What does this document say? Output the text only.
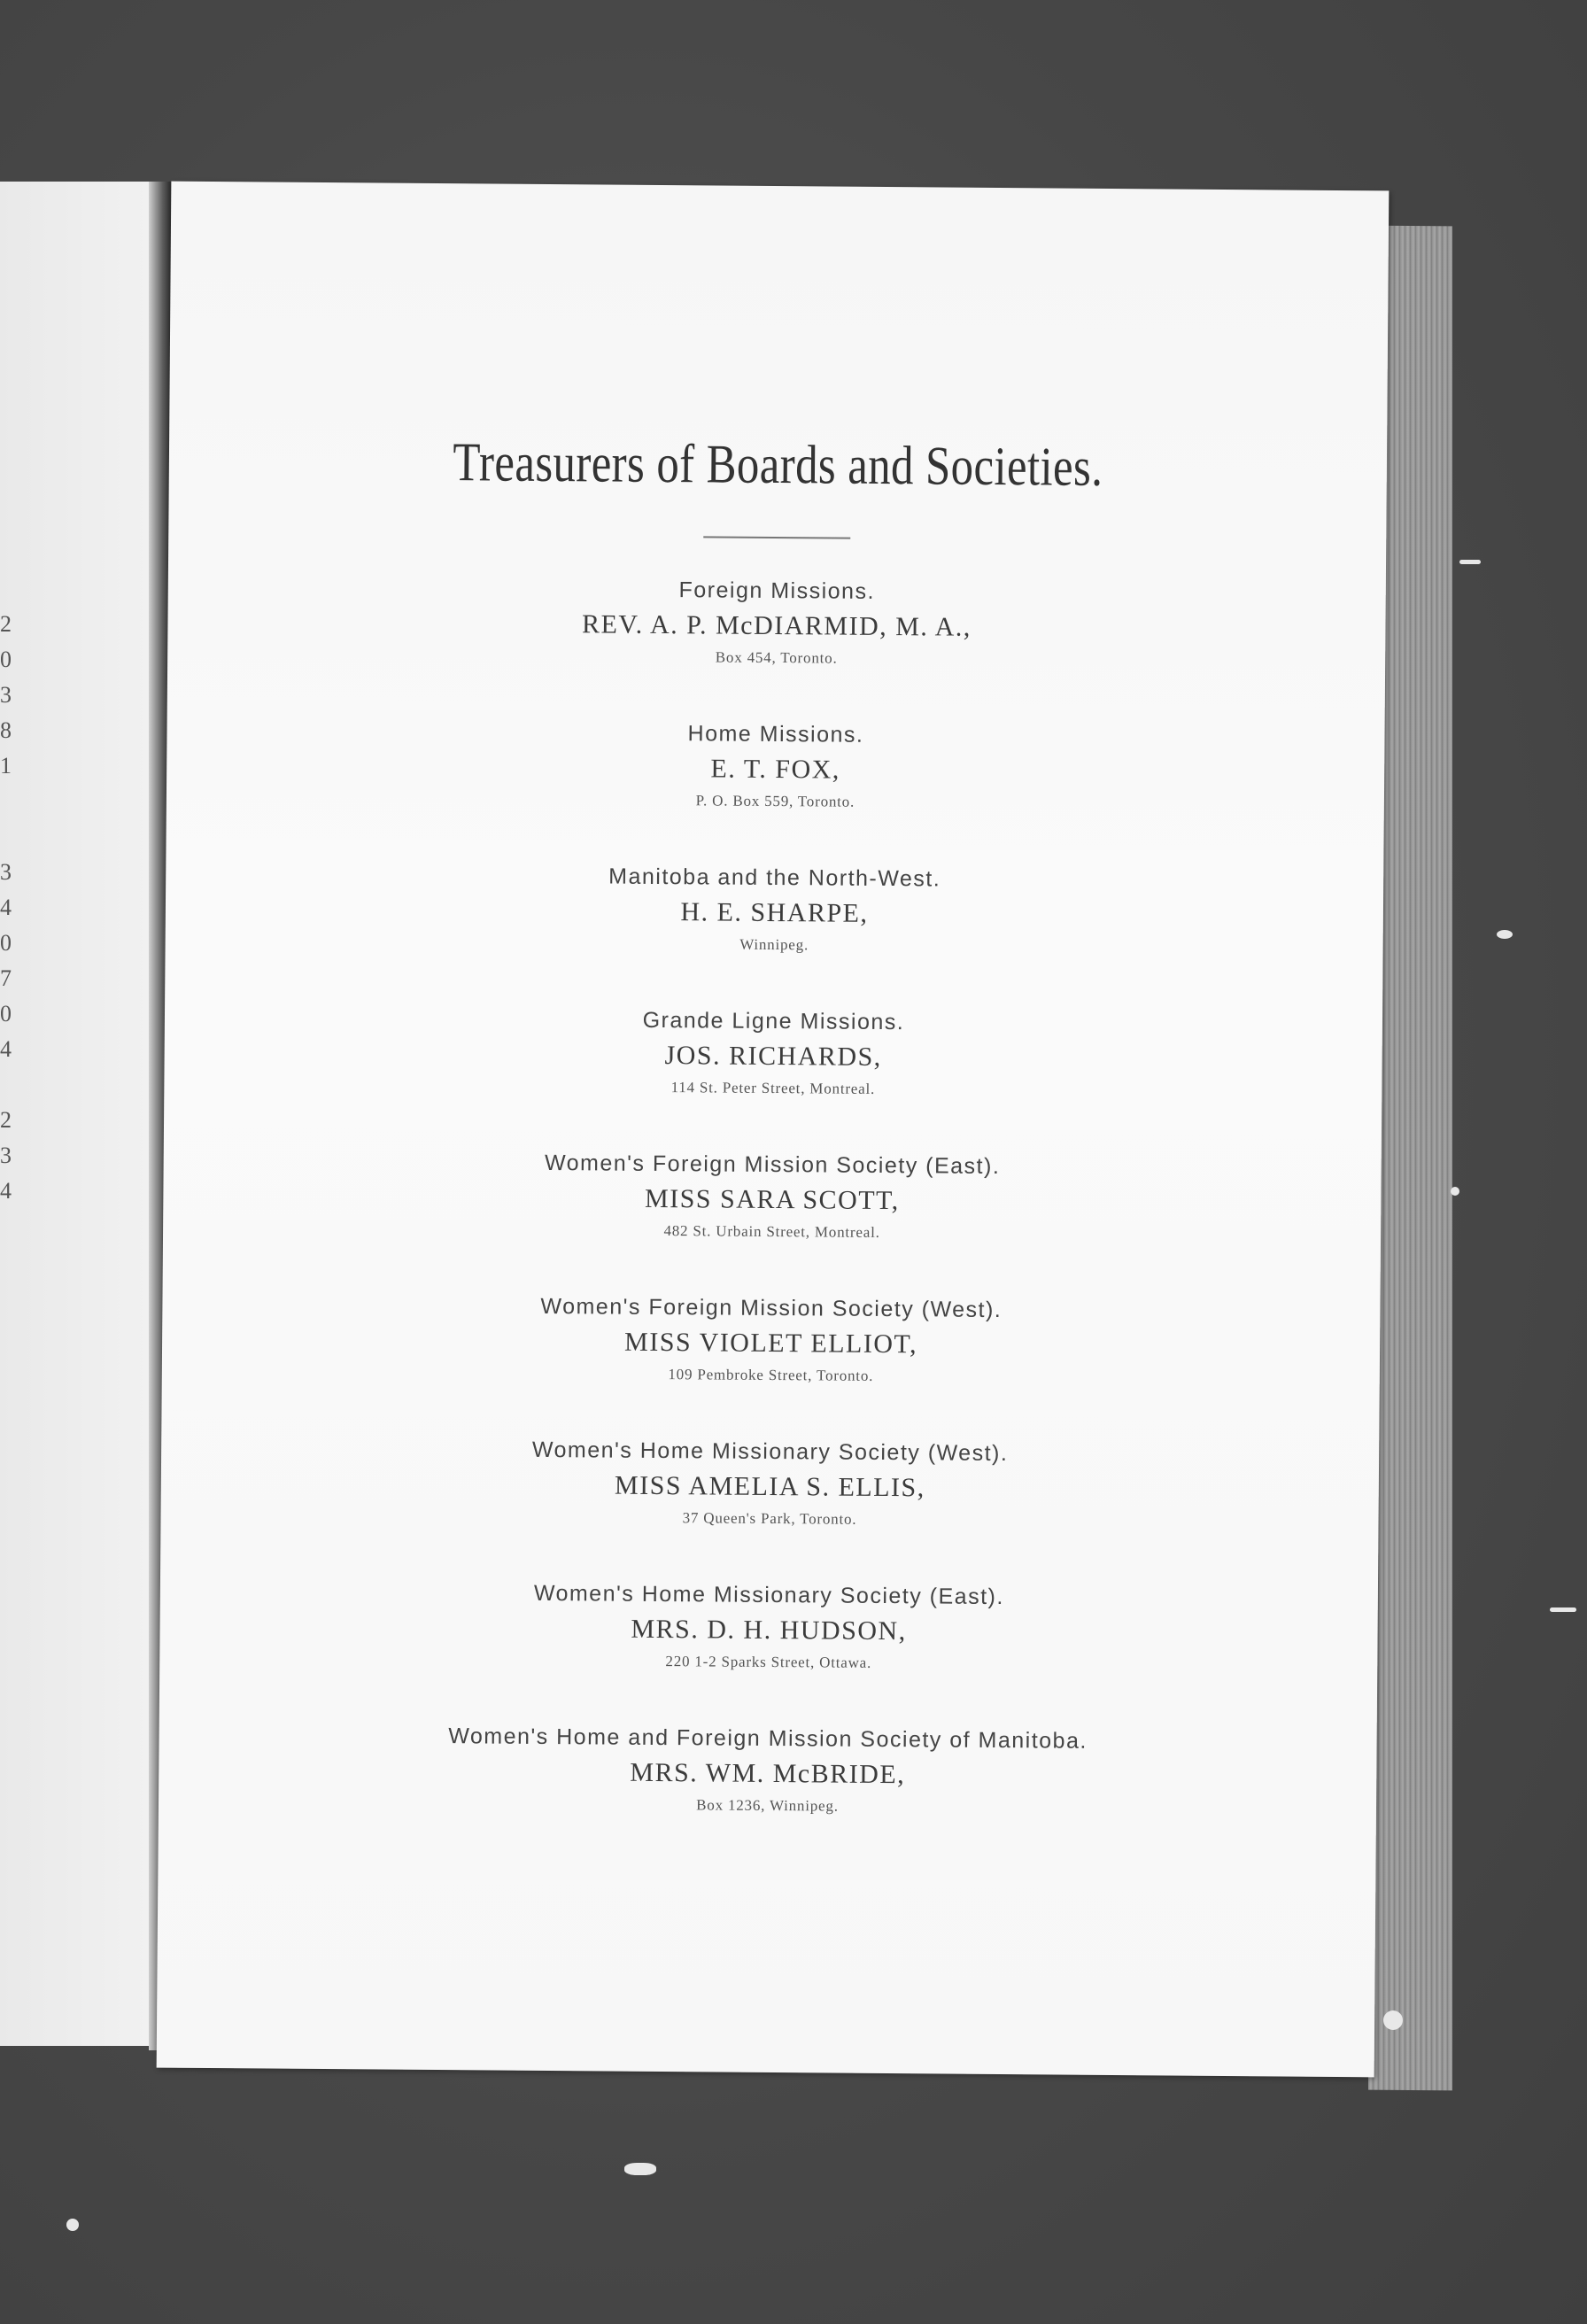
2
0
3
8
1

3
4
0
7
0
4

2
3
4
Treasurers of Boards and Societies.
Foreign Missions.
REV. A. P. McDIARMID, M. A.,
Box 454, Toronto.
Home Missions.
E. T. FOX,
P. O. Box 559, Toronto.
Manitoba and the North-West.
H. E. SHARPE,
Winnipeg.
Grande Ligne Missions.
JOS. RICHARDS,
114 St. Peter Street, Montreal.
Women's Foreign Mission Society (East).
MISS SARA SCOTT,
482 St. Urbain Street, Montreal.
Women's Foreign Mission Society (West).
MISS VIOLET ELLIOT,
109 Pembroke Street, Toronto.
Women's Home Missionary Society (West).
MISS AMELIA S. ELLIS,
37 Queen's Park, Toronto.
Women's Home Missionary Society (East).
MRS. D. H. HUDSON,
220 1-2 Sparks Street, Ottawa.
Women's Home and Foreign Mission Society of Manitoba.
MRS. WM. McBRIDE,
Box 1236, Winnipeg.
